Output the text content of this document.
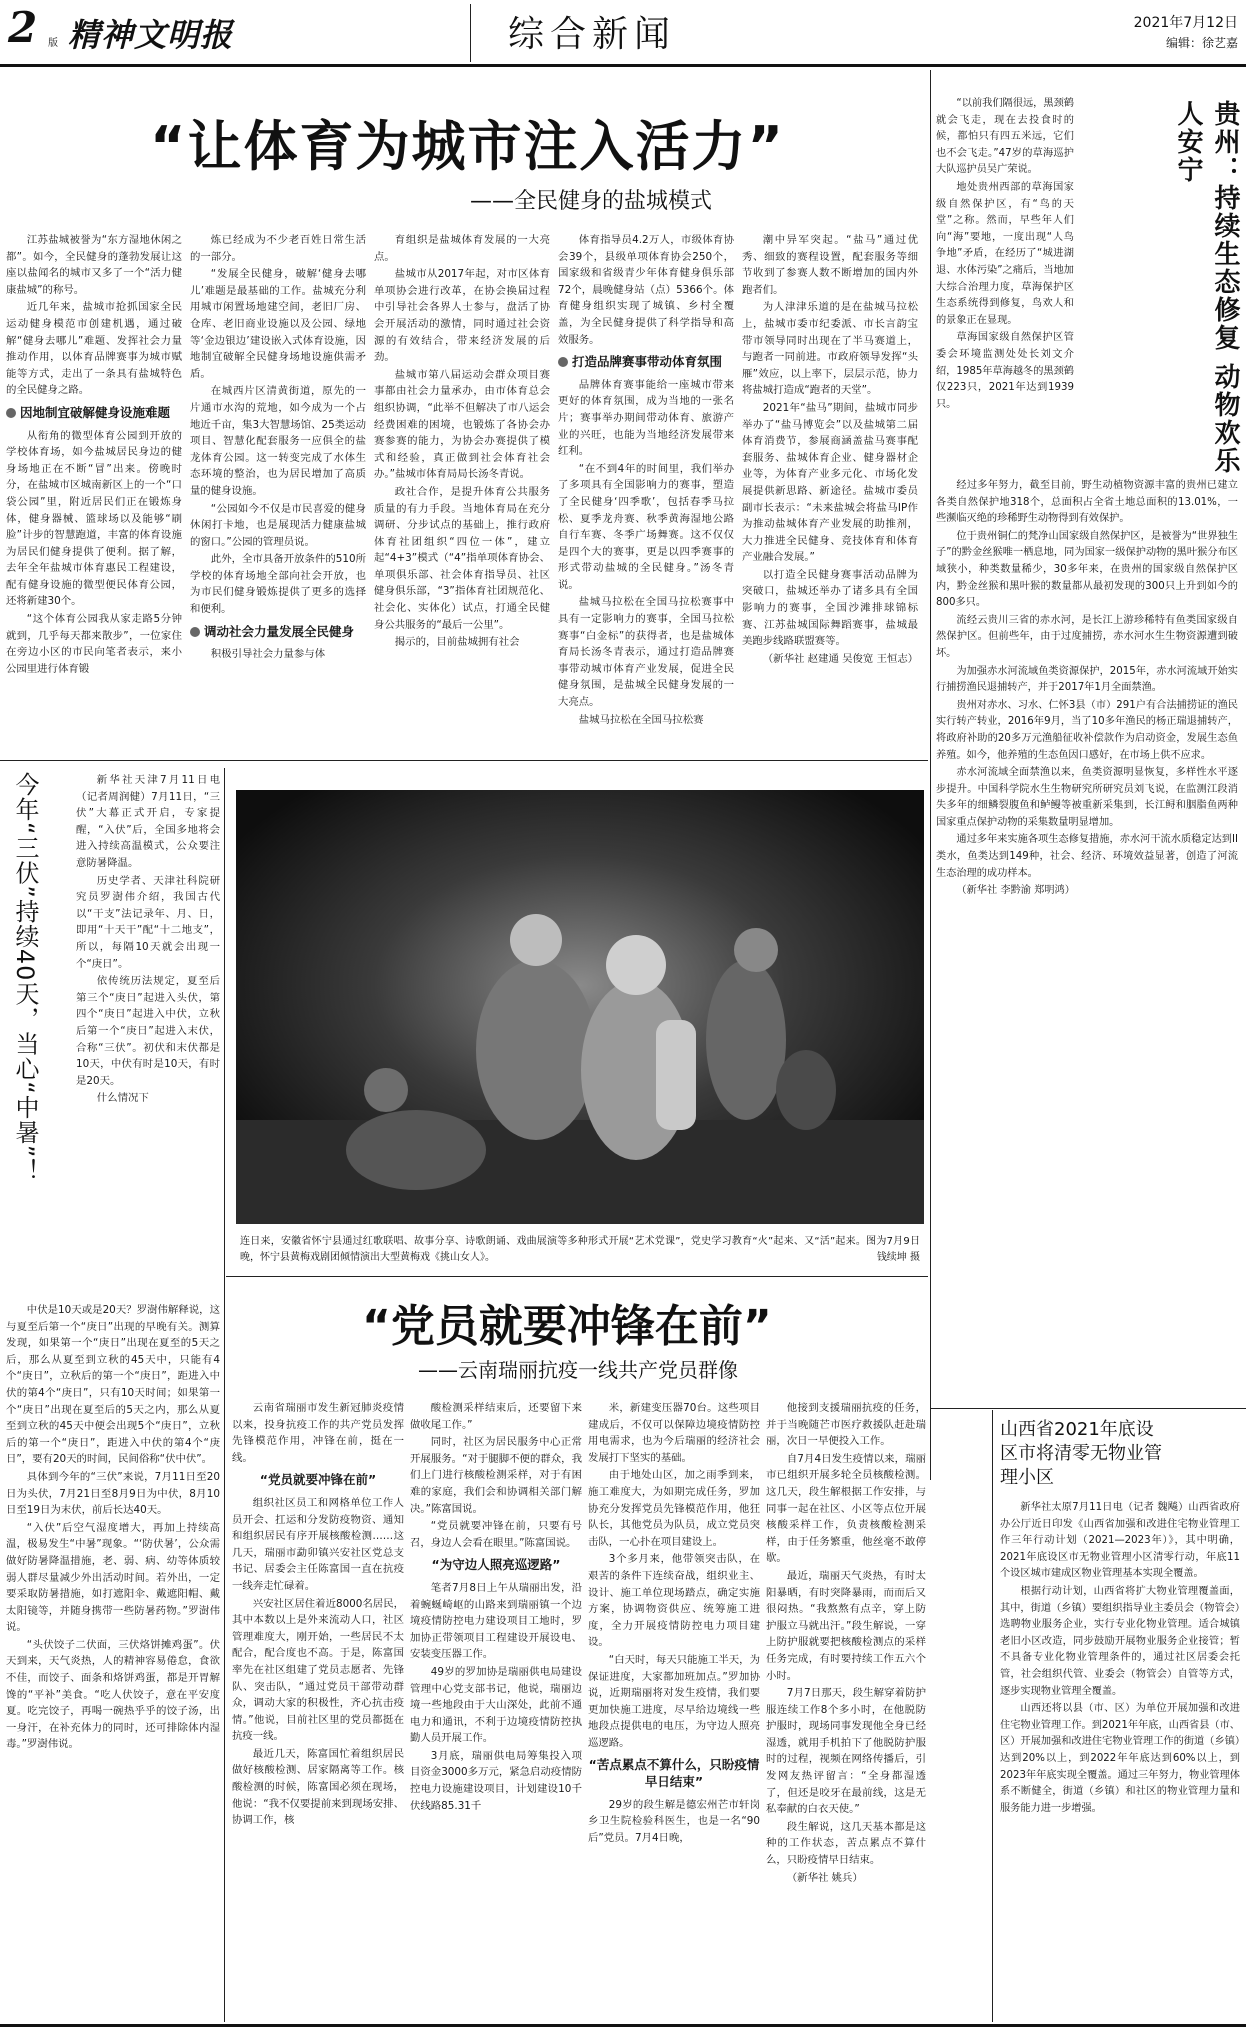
2 版 精神文明报	综合新闻	2021年7月12日
编辑：徐艺嘉
“让体育为城市注入活力”
——全民健身的盐城模式

江苏盐城被誉为“东方湿地休闲之都”。如今，全民健身的蓬勃发展让这座以盐闻名的城市又多了一个“活力健康盐城”的称号。

近几年来，盐城市抢抓国家全民运动健身模范市创建机遇，通过破解“健身去哪儿”难题、发挥社会力量推动作用，以体育品牌赛事为城市赋能等方式，走出了一条具有盐城特色的全民健身之路。

因地制宜破解健身设施难题

从衔角的微型体育公园到开放的学校体育场，如今盐城居民身边的健身场地正在不断“冒”出来。傍晚时分，在盐城市区城南新区上的一个“口袋公园”里，附近居民们正在锻炼身体，健身器械、篮球场以及能够“刷脸”计步的智慧跑道，丰富的体育设施为居民们健身提供了便利。据了解，去年全年盐城市体育惠民工程建设，配有健身设施的微型便民体育公园，还将新建30个。

“这个体育公园我从家走路5分钟就到，几乎每天都来散步”，一位家住在旁边小区的市民向笔者表示，来小公园里进行体育锻

炼已经成为不少老百姓日常生活的一部分。

“发展全民健身，破解‘健身去哪儿’难题是最基础的工作。盐城充分利用城市闲置场地建空间，老旧厂房、仓库、老旧商业设施以及公园、绿地等‘金边银边’建设嵌入式体育设施，因地制宜破解全民健身场地设施供需矛盾。

在城西片区清黄街道，原先的一片通市水沟的荒地，如今成为一个占地近千亩，集3大智慧场馆、25类运动项目、智慧化配套服务一应俱全的盐龙体育公园。这一转变完成了水体生态环境的整治，也为居民增加了高质量的健身设施。

“公园如今不仅是市民喜爱的健身休闲打卡地，也是展现活力健康盐城的窗口。”公园的管理员说。

此外，全市具备开放条件的510所学校的体育场地全部向社会开放，也为市民们健身锻炼提供了更多的选择和便利。

调动社会力量发展全民健身

积极引导社会力量参与体

育组织是盐城体育发展的一大亮点。

盐城市从2017年起，对市区体育单项协会进行改革，在协会换届过程中引导社会各界人士参与，盘活了协会开展活动的激情，同时通过社会资源的有效结合，带来经济发展的后劲。

盐城市第八届运动会群众项目赛事都由社会力量承办，由市体育总会组织协调，“此举不但解决了市八运会经费困难的困境，也锻炼了各协会办赛参赛的能力，为协会办赛提供了模式和经验，真正做到社会体育社会办。”盐城市体育局局长汤冬青说。

政社合作，是提升体育公共服务质量的有力手段。当地体育局在充分调研、分步试点的基础上，推行政府体育社团组织“四位一体”，建立起“4+3”模式（“4”指单项体育协会、单项俱乐部、社会体育指导员、社区健身俱乐部，“3”指体育社团规范化、社会化、实体化）试点，打通全民健身公共服务的“最后一公里”。

揭示的，目前盐城拥有社会

体育指导员4.2万人，市级体育协会39个，县级单项体育协会250个，国家级和省级青少年体育健身俱乐部72个，晨晚健身站（点）5366个。体育健身组织实现了城镇、乡村全覆盖，为全民健身提供了科学指导和高效服务。

打造品牌赛事带动体育氛围

品牌体育赛事能给一座城市带来更好的体育氛围，成为当地的一张名片；赛事举办期间带动体育、旅游产业的兴旺，也能为当地经济发展带来红利。

“在不到4年的时间里，我们举办了多项具有全国影响力的赛事，塑造了全民健身‘四季歌’，包括春季马拉松、夏季龙舟赛、秋季黄海湿地公路自行车赛、冬季广场舞赛。这不仅仅是四个大的赛事，更是以四季赛事的形式带动盐城的全民健身。”汤冬青说。

盐城马拉松在全国马拉松赛事中具有一定影响力的赛事，全国马拉松赛事“白金标”的获得者，也是盐城体育局长汤冬青表示，通过打造品牌赛事带动城市体育产业发展，促进全民健身氛围，是盐城全民健身发展的一大亮点。

盐城马拉松在全国马拉松赛

潮中异军突起。“盐马”通过优秀、细致的赛程设置，配套服务等细节收到了参赛人数不断增加的国内外跑者们。

为人津津乐道的是在盐城马拉松上，盐城市委市纪委派、市长言韵宝带市领导同时出现在了半马赛道上，与跑者一同前进。市政府领导发挥“头雁”效应，以上率下，层层示范，协力将盐城打造成“跑者的天堂”。

2021年“盐马”期间，盐城市同步举办了“盐马博览会”以及盐城第二届体育消费节，参展商涵盖盐马赛事配套服务、盐城体育企业、健身器材企业等，为体育产业多元化、市场化发展提供新思路、新途径。盐城市委员副市长表示：“未来盐城会将盐马IP作为推动盐城体育产业发展的助推剂，大力推进全民健身、竞技体育和体育产业融合发展。”

以打造全民健身赛事活动品牌为突破口，盐城还举办了诸多具有全国影响力的赛事，全国沙滩排球锦标赛、江苏盐城国际舞蹈赛事，盐城最美跑步线路联盟赛等。

（新华社 赵建通 吴俊宽 王恒志）

“以前我们隔很远，黑颈鹤就会飞走，现在去投食时的候，都怕只有四五米远，它们也不会飞走。”47岁的草海巡护大队巡护员吴广荣说。

地处贵州西部的草海国家级自然保护区，有“鸟的天堂”之称。然而，早些年人们向“海”要地，一度出现“人鸟争地”矛盾，在经历了“城进湖退、水体污染”之痛后，当地加大综合治理力度，草海保护区生态系统得到修复，鸟欢人和的景象正在显现。

草海国家级自然保护区管委会环境监测处处长刘文介绍，1985年草海越冬的黑颈鹤仅223只，2021年达到1939只。	贵州：持续生态修复 动物欢乐人安宁

经过多年努力，截至目前，野生动植物资源丰富的贵州已建立各类自然保护地318个，总面积占全省土地总面积的13.01%，一些濒临灭绝的珍稀野生动物得到有效保护。

位于贵州铜仁的梵净山国家级自然保护区，是被誉为“世界独生子”的黔金丝猴唯一栖息地，同为国家一级保护动物的黑叶猴分布区域狭小，种类数量稀少，30多年来，在贵州的国家级自然保护区内，黔金丝猴和黑叶猴的数量都从最初发现的300只上升到如今的800多只。

流经云贵川三省的赤水河，是长江上游珍稀特有鱼类国家级自然保护区。但前些年，由于过度捕捞，赤水河水生生物资源遭到破坏。

为加强赤水河流域鱼类资源保护，2015年，赤水河流域开始实行捕捞渔民退捕转产，并于2017年1月全面禁渔。

贵州对赤水、习水、仁怀3县（市）291户有合法捕捞证的渔民实行转产转业，2016年9月，当了10多年渔民的杨正瑞退捕转产，将政府补助的20多万元渔船征收补偿款作为启动资金，发展生态鱼养殖。如今，他养殖的生态鱼因口感好，在市场上供不应求。

赤水河流域全面禁渔以来，鱼类资源明显恢复，多样性水平逐步提升。中国科学院水生生物研究所研究员刘飞说，在监测江段消失多年的细鳞裂腹鱼和鲈鳗等被重新采集到，长江鲟和胭脂鱼两种国家重点保护动物的采集数量明显增加。

通过多年来实施各项生态修复措施，赤水河干流水质稳定达到II类水，鱼类达到149种，社会、经济、环境效益显著，创造了河流生态治理的成功样本。

（新华社 李黔渝 郑明鸿）

山西省2021年底设区市将清零无物业管理小区

新华社太原7月11日电（记者 魏飚）山西省政府办公厅近日印发《山西省加强和改进住宅物业管理工作三年行动计划（2021—2023年）》，其中明确，2021年底设区市无物业管理小区清零行动，年底11个设区城市建成区物业管理基本实现全覆盖。

根据行动计划，山西省将扩大物业管理覆盖面，其中，街道（乡镇）要组织指导业主委员会（物管会）选聘物业服务企业，实行专业化物业管理。适合城镇老旧小区改造，同步鼓励开展物业服务企业接管；暂不具备专业化物业管理条件的，通过社区居委会托管，社会组织代管、业委会（物管会）自管等方式，逐步实现物业管理全覆盖。

山西还将以县（市、区）为单位开展加强和改进住宅物业管理工作。到2021年年底，山西省县（市、区）开展加强和改进住宅物业管理工作的街道（乡镇）达到20%以上，到2022年年底达到60%以上，到2023年年底实现全覆盖。通过三年努力，物业管理体系不断健全，街道（乡镇）和社区的物业管理力量和服务能力进一步增强。

今年“三伏”持续40天，当心“中暑”！	新华社天津7月11日电（记者周润健）7月11日，“三伏”大幕正式开启，专家提醒，“入伏”后，全国多地将会进入持续高温模式，公众要注意防暑降温。

历史学者、天津社科院研究员罗澍伟介绍，我国古代以“干支”法记录年、月、日，即用“十天干”配“十二地支”，所以，每隔10天就会出现一个“庚日”。

依传统历法规定，夏至后第三个“庚日”起进入头伏，第四个“庚日”起进入中伏，立秋后第一个“庚日”起进入末伏，合称“三伏”。初伏和末伏都是10天，中伏有时是10天，有时是20天。

什么情况下

中伏是10天或是20天？罗澍伟解释说，这与夏至后第一个“庚日”出现的早晚有关。测算发现，如果第一个“庚日”出现在夏至的5天之后，那么从夏至到立秋的45天中，只能有4个“庚日”，立秋后的第一个“庚日”，距进入中伏的第4个“庚日”，只有10天时间；如果第一个“庚日”出现在夏至后的5天之内，那么从夏至到立秋的45天中便会出现5个“庚日”，立秋后的第一个“庚日”，距进入中伏的第4个“庚日”，要有20天的时间，民间俗称“伏中伏”。

具体到今年的“三伏”来说，7月11日至20日为头伏，7月21日至8月9日为中伏，8月10日至19日为末伏，前后长达40天。

“入伏”后空气湿度增大，再加上持续高温，极易发生“中暑”现象。“‘防伏暑’，公众需做好防暑降温措施，老、弱、病、幼等体质较弱人群尽量减少外出活动时间。若外出，一定要采取防暑措施，如打遮阳伞、戴遮阳帽、戴太阳镜等，并随身携带一些防暑药物。”罗澍伟说。

“头伏饺子二伏面，三伏烙饼摊鸡蛋”。伏天到来，天气炎热，人的精神容易倦怠，食欲不佳，而饺子、面条和烙饼鸡蛋，都是开胃解馋的“平补”美食。“吃人伏饺子，意在平安度夏。吃完饺子，再喝一碗热乎乎的饺子汤，出一身汗，在补充体力的同时，还可排除体内湿毒。”罗澍伟说。

连日来，安徽省怀宁县通过红歌联唱、故事分享、诗歌朗诵、戏曲展演等多种形式开展“艺术党课”，党史学习教育“火”起来、又“活”起来。图为7月9日晚，怀宁县黄梅戏剧团倾情演出大型黄梅戏《挑山女人》。	钱续坤 摄
“党员就要冲锋在前”
——云南瑞丽抗疫一线共产党员群像

云南省瑞丽市发生新冠肺炎疫情以来，投身抗疫工作的共产党员发挥先锋模范作用，冲锋在前，挺在一线。

“党员就要冲锋在前”

组织社区员工和网格单位工作人员开会、扛运和分发防疫物资、通知和组织居民有序开展核酸检测……这几天，瑞丽市勐卯镇兴安社区党总支书记、居委会主任陈富国一直在抗疫一线奔走忙碌着。

兴安社区居住着近8000名居民，其中本数以上是外来流动人口，社区管理难度大，刚开始，一些居民不太配合，配合度也不高。于是，陈富国率先在社区组建了党员志愿者、先锋队、突击队，“通过党员干部带动群众，调动大家的积极性，齐心抗击疫情。”他说，目前社区里的党员都挺在抗疫一线。

最近几天，陈富国忙着组织居民做好核酸检测、居家隔离等工作。核酸检测的时候，陈富国必须在现场，他说：“我不仅要提前来到现场安排、协调工作，核

酸检测采样结束后，还要留下来做收尾工作。”

同时，社区为居民服务中心正常开展服务。“对于腿脚不便的群众，我们上门进行核酸检测采样，对于有困难的家庭，我们会和协调相关部门解决。”陈富国说。

“党员就要冲锋在前，只要有号召，身边人会看在眼里。”陈富国说。

“为守边人照亮巡逻路”

笔者7月8日上午从瑞丽出发，沿着蜿蜒崎岖的山路来到瑞丽镇一个边境疫情防控电力建设项目工地时，罗加协正带领项目工程建设开展设电、安装变压器工作。

49岁的罗加协是瑞丽供电局建设管理中心党支部书记，他说，瑞丽边境一些地段由于大山深处，此前不通电力和通讯，不利于边境疫情防控执勤人员开展工作。

3月底，瑞丽供电局筹集投入项目资金3000多万元，紧急启动疫情防控电力设施建设项目，计划建设10千伏线路85.31千

米，新建变压器70台。这些项目建成后，不仅可以保障边境疫情防控用电需求，也为今后瑞丽的经济社会发展打下坚实的基础。

由于地处山区，加之雨季到来，施工难度大，为如期完成任务，罗加协充分发挥党员先锋模范作用，他狂队长，其他党员为队员，成立党员突击队，一心扑在项目建设上。

3个多月来，他带领突击队，在艰苦的条件下连续奋战，组织业主、设计、施工单位现场踏点，确定实施方案，协调物资供应、统筹施工进度，全力开展疫情防控电力项目建设。

“白天时，每天只能施工半天，为保证进度，大家都加班加点。”罗加协说，近期瑞丽将对发生疫情，我们要更加快施工进度，尽早给边境线一些地段点提供电的电压，为守边人照亮巡逻路。

“苦点累点不算什么，只盼疫情早日结束”

29岁的段生解是德宏州芒市轩岗乡卫生院检验科医生，也是一名“90后”党员。7月4日晚，

他接到支援瑞丽抗疫的任务，并于当晚随芒市医疗救援队赶赴瑞丽，次日一早便投入工作。

自7月4日发生疫情以来，瑞丽市已组织开展多轮全员核酸检测。这几天，段生解根据工作安排，与同事一起在社区、小区等点位开展核酸采样工作，负责核酸检测采样，由于任务繁重，他丝毫不敢停歇。

最近，瑞丽天气炎热，有时太阳暴晒，有时突降暴雨，而而后又很闷热。“我熬熬有点辛，穿上防护服立马就出汗。”段生解说，一穿上防护服就要把核酸检测点的采样任务完成，有时要持续工作五六个小时。

7月7日那天，段生解穿着防护服连续工作8个多小时，在他脱防护服时，现场同事发现他全身已经湿透，就用手机拍下了他脱防护服时的过程，视频在网络传播后，引发网友热评留言：“全身都湿透了，但还是咬牙在最前线，这是无私奉献的白衣天使。”

段生解说，这几天基本都是这种的工作状态，苦点累点不算什么，只盼疫情早日结束。

（新华社 姚兵）
